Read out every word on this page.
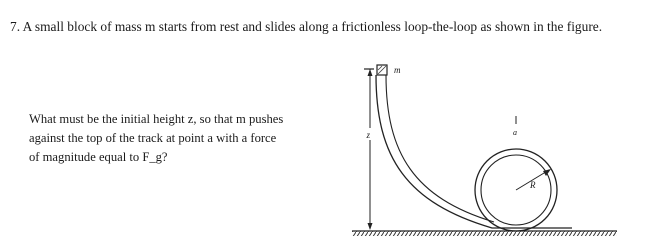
7. A small block of mass m starts from rest and slides along a frictionless loop-the-loop as shown in the figure.
What must be the initial height z, so that m pushes
against the top of the track at point a with a force
of magnitude equal to F_g?
z
m
a
R
